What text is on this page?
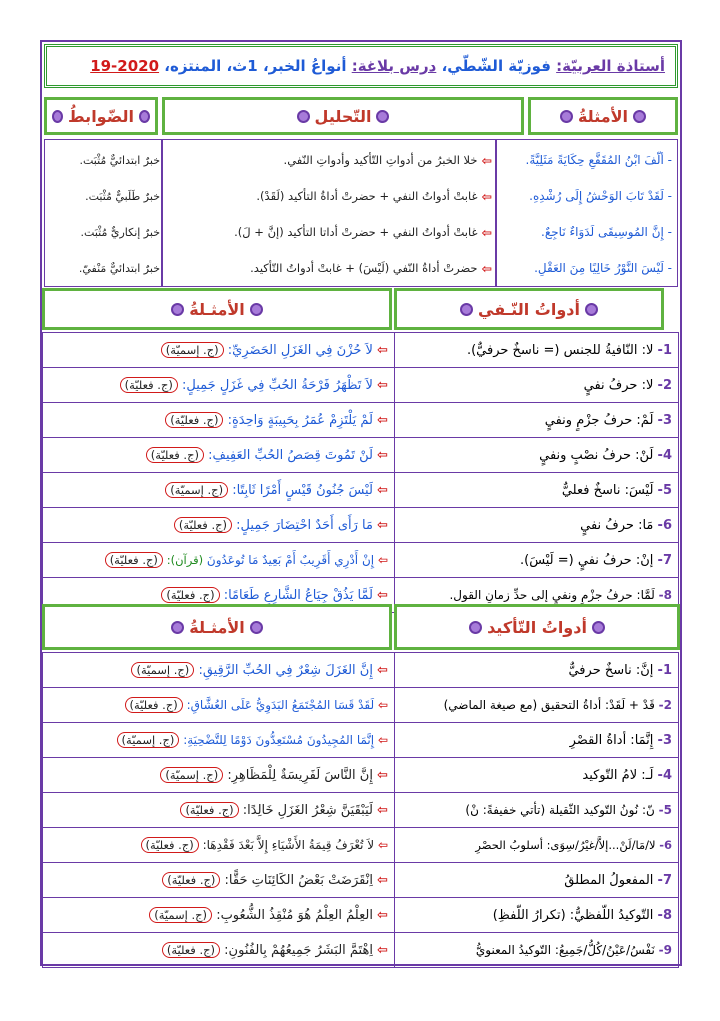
أستاذة العربيّة:

فوزيّة الشّطّي،

درس بلاغة:

أنواعُ الخبر،

1ث،

المنتزه،

19-2020
الأمثلةُ
التّحليل
الضّوابطُ
- ألّفَ ابْنُ المُقَفَّعِ حِكَايَةً مَثَلِيَّةً.
⇦

خلا الخبرُ من أدواتِ التّأكيد وأدواتِ النّفي.
خبرٌ ابتدائيٌّ مُثْبَت.
- لَقَدْ تَابَ الوَحْشُ إِلَى رُشْدِهِ.
⇦

غابتْ أدواتُ النفي + حضرتْ أداةُ التأكيد (لَقَدْ).
خبرٌ طَلَبيٌّ مُثْبَت.
- إِنَّ المُوسِيقَى لَدَوَاءٌ نَاجِعٌ.
⇦

غابتْ أدواتُ النفي + حضرتْ أداتا التأكيد (إنَّ + لَ).
خبرٌ إنكاريٌّ مُثْبَت.
- لَيْسَ النَّوْرُ خَالِيًا مِنَ العَقْلِ.
⇦

حضرتْ أداةُ النّفي (لَيْسَ) + غابتْ أدواتُ التّأكيد.
خبرٌ ابتدائيٌّ مَنْفيّ.
أدواتُ النّـفي
الأمثـلةُ
1- لا: النّافيةُ للجنس (= ناسخٌ حرفيٌّ).	⇦ لاَ حُزْنَ فِي الغَزَلِ الحَضَرِيِّ: (ج. إسميّة)
2- لا: حرفُ نفيٍ	⇦ لاَ تَظْهَرُ فَرْحَةُ الحُبِّ فِي غَزَلٍ جَمِيلٍ: (ج. فعليّة)
3- لَمْ: حرفُ جزْمٍ ونفيٍ	⇦ لَمْ يَلْتَزِمْ عُمَرُ بِحَبِيبَةٍ وَاحِدَةٍ: (ج. فعليّة)
4- لَنْ: حرفُ نصْبٍ ونفيٍ	⇦ لَنْ تَمُوتَ قِصَصُ الحُبِّ العَفِيفِ: (ج. فعليّة)
5- لَيْسَ: ناسخٌ فعليٌّ	⇦ لَيْسَ جُنُونُ قَيْسٍ أَمْرًا ثَابِتًا: (ج. إسميّة)
6- مَا: حرفُ نفيٍ	⇦ مَا رَأَى أَحَدٌ احْتِضَارَ جَمِيلٍ: (ج. فعليّة)
7- إنْ: حرفُ نفيٍ (= لَيْسَ).	⇦ إِنْ أَدْرِي أَقَرِيبٌ أَمْ بَعِيدٌ مَا تُوعَدُونَ (قرآن): (ج. فعليّة)
8- لَمَّا: حرفُ جزْمٍ ونفيٍ إلى حدِّ زمانِ القول.	⇦ لَمَّا يَذُقْ جِيَاعُ الشَّارِعِ طَعَامًا: (ج. فعليّة)
أدواتُ التّأكيد
الأمثـلةُ
1- إنَّ: ناسخٌ حرفيٌّ	⇦ إِنَّ الغَزَلَ شِعْرٌ فِي الحُبِّ الرَّقِيقِ: (ج. إسميّة)
2- قَدْ + لَقَدْ: أداةُ التحقيق (مع صيغة الماضي)	⇦ لَقَدْ قَسَا المُجْتَمَعُ البَدَوِيُّ عَلَى العُشَّاقِ: (ج. فعليّة)
3- إِنَّمَا: أداةُ القصْرِ	⇦ إِنَّمَا المُجِيدُونَ مُسْتَعِدُّونَ دَوْمًا لِلتَّضْحِيَةِ: (ج. إسميّة)
4- لَـ: لامُ التّوكيد	⇦ إِنَّ النَّاسَ لَفَرِيسَةٌ لِلْمَظَاهِرِ: (ج. إسميّة)
5- نّ: نُونُ التّوكيد الثّقيلة (تأتي خفيفةً: نْ)	⇦ لَيَبْقَيَنَّ شِعْرُ الغَزَلِ خَالِدًا: (ج. فعليّة)
6- لا/مَا/لَنْ...إلاَّ/غيْرُ/سِوَى: أسلوبُ الحصْرِ	⇦ لاَ تُعْرَفُ قِيمَةُ الأَشْيَاءِ إِلاَّ بَعْدَ فَقْدِهَا: (ج. فعليّة)
7- المفعولُ المطلقُ	⇦ اِنْقَرَضَتْ بَعْضُ الكَائِنَاتِ حَقًّا: (ج. فعليّة)
8- التّوكيدُ اللّفظيُّ: (تكرارُ اللّفظِ)	⇦ العِلْمُ العِلْمُ هُوَ مُنْقِذُ الشُّعُوبِ: (ج. إسميّة)
9- نَفْسُ/عَيْنُ/كُلُّ/جَمِيعُ: التّوكيدُ المعنويُّ	⇦ اِهْتَمَّ البَشَرُ جَمِيعُهُمْ بِالفُنُونِ: (ج. فعليّة)
